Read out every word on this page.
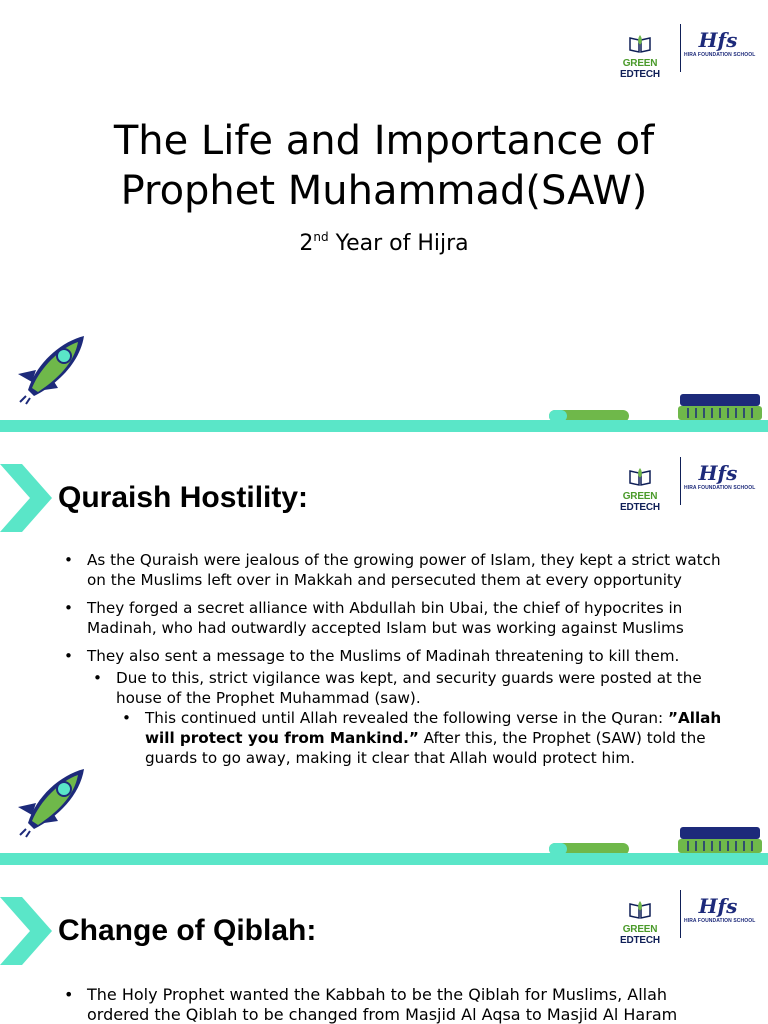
GREEN EDTECH
Hfs
HIRA FOUNDATION SCHOOL
The Life and Importance of
Prophet Muhammad(SAW)
2nd Year of Hijra
Quraish Hostility:	GREEN EDTECH
Hfs
HIRA FOUNDATION SCHOOL
• As the Quraish were jealous of the growing power of Islam, they kept a strict watch on the Muslims left over in Makkah and persecuted them at every opportunity
• They forged a secret alliance with Abdullah bin Ubai, the chief of hypocrites in Madinah, who had outwardly accepted Islam but was working against Muslims
• They also sent a message to the Muslims of Madinah threatening to kill them.
• Due to this, strict vigilance was kept, and security guards were posted at the house of the Prophet Muhammad (saw).
• This continued until Allah revealed the following verse in the Quran: ”Allah will protect you from Mankind.” After this, the Prophet (SAW) told the guards to go away, making it clear that Allah would protect him.
Change of Qiblah:	GREEN EDTECH
Hfs
HIRA FOUNDATION SCHOOL
• The Holy Prophet wanted the Kabbah to be the Qiblah for Muslims, Allah ordered the Qiblah to be changed from Masjid Al Aqsa to Masjid Al Haram
